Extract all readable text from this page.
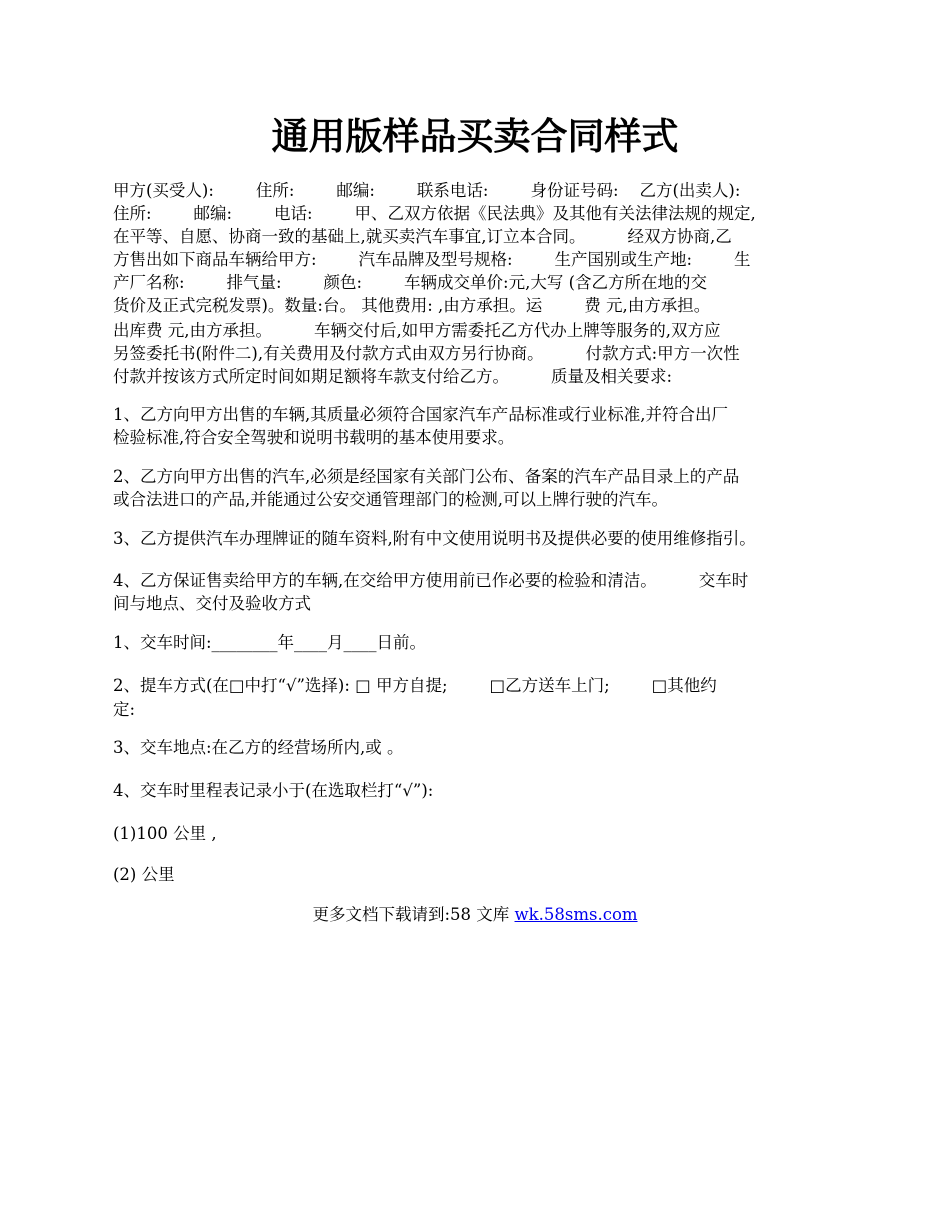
通用版样品买卖合同样式
甲方(买受人):        住所:        邮编:        联系电话:        身份证号码:    乙方(出卖人):
住所:        邮编:        电话:        甲、乙双方依据《民法典》及其他有关法律法规的规定,
在平等、自愿、协商一致的基础上,就买卖汽车事宜,订立本合同。        经双方协商,乙
方售出如下商品车辆给甲方:        汽车品牌及型号规格:        生产国别或生产地:        生
产厂名称:        排气量:        颜色:        车辆成交单价:元,大写 (含乙方所在地的交
货价及正式完税发票)。数量:台。 其他费用: ,由方承担。运        费 元,由方承担。
出库费 元,由方承担。        车辆交付后,如甲方需委托乙方代办上牌等服务的,双方应
另签委托书(附件二),有关费用及付款方式由双方另行协商。        付款方式:甲方一次性
付款并按该方式所定时间如期足额将车款支付给乙方。        质量及相关要求:
1、乙方向甲方出售的车辆,其质量必须符合国家汽车产品标准或行业标准,并符合出厂
检验标准,符合安全驾驶和说明书载明的基本使用要求。
2、乙方向甲方出售的汽车,必须是经国家有关部门公布、备案的汽车产品目录上的产品
或合法进口的产品,并能通过公安交通管理部门的检测,可以上牌行驶的汽车。
3、乙方提供汽车办理牌证的随车资料,附有中文使用说明书及提供必要的使用维修指引。
4、乙方保证售卖给甲方的车辆,在交给甲方使用前已作必要的检验和清洁。        交车时
间与地点、交付及验收方式
1、交车时间:________年____月____日前。
2、提车方式(在□中打“√”选择): □ 甲方自提;        □乙方送车上门;        □其他约
定:
3、交车地点:在乙方的经营场所内,或 。
4、交车时里程表记录小于(在选取栏打“√”):
(1)100 公里 ,
(2) 公里
更多文档下载请到:58 文库 wk.58sms.com
